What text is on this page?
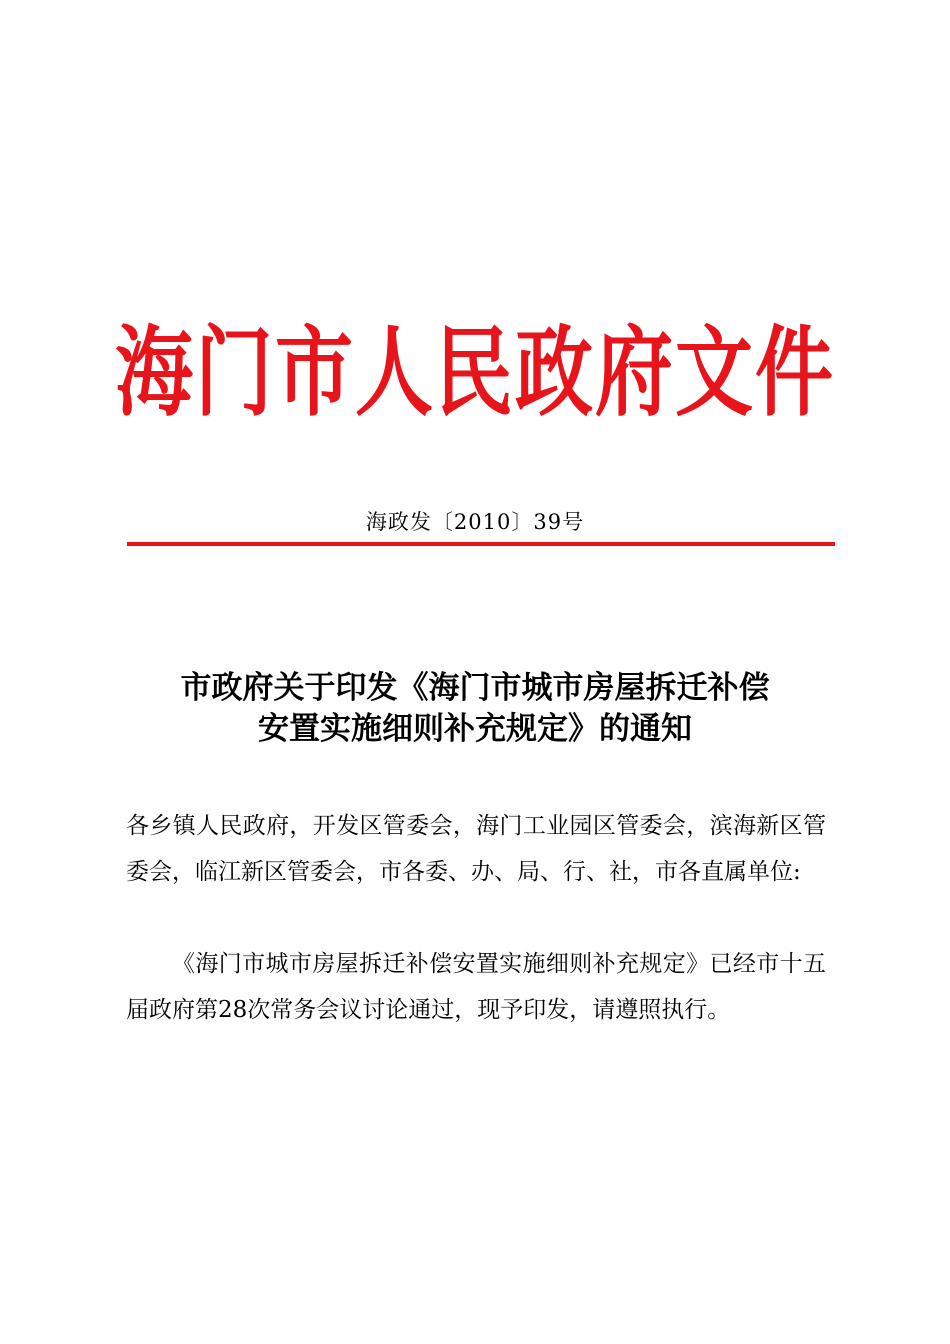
海门市人民政府文件
海政发〔2010〕39号
市政府关于印发《海门市城市房屋拆迁补偿
安置实施细则补充规定》的通知
各乡镇人民政府，开发区管委会，海门工业园区管委会，滨海新区管委会，临江新区管委会，市各委、办、局、行、社，市各直属单位:
《海门市城市房屋拆迁补偿安置实施细则补充规定》已经市十五届政府第28次常务会议讨论通过，现予印发，请遵照执行。
